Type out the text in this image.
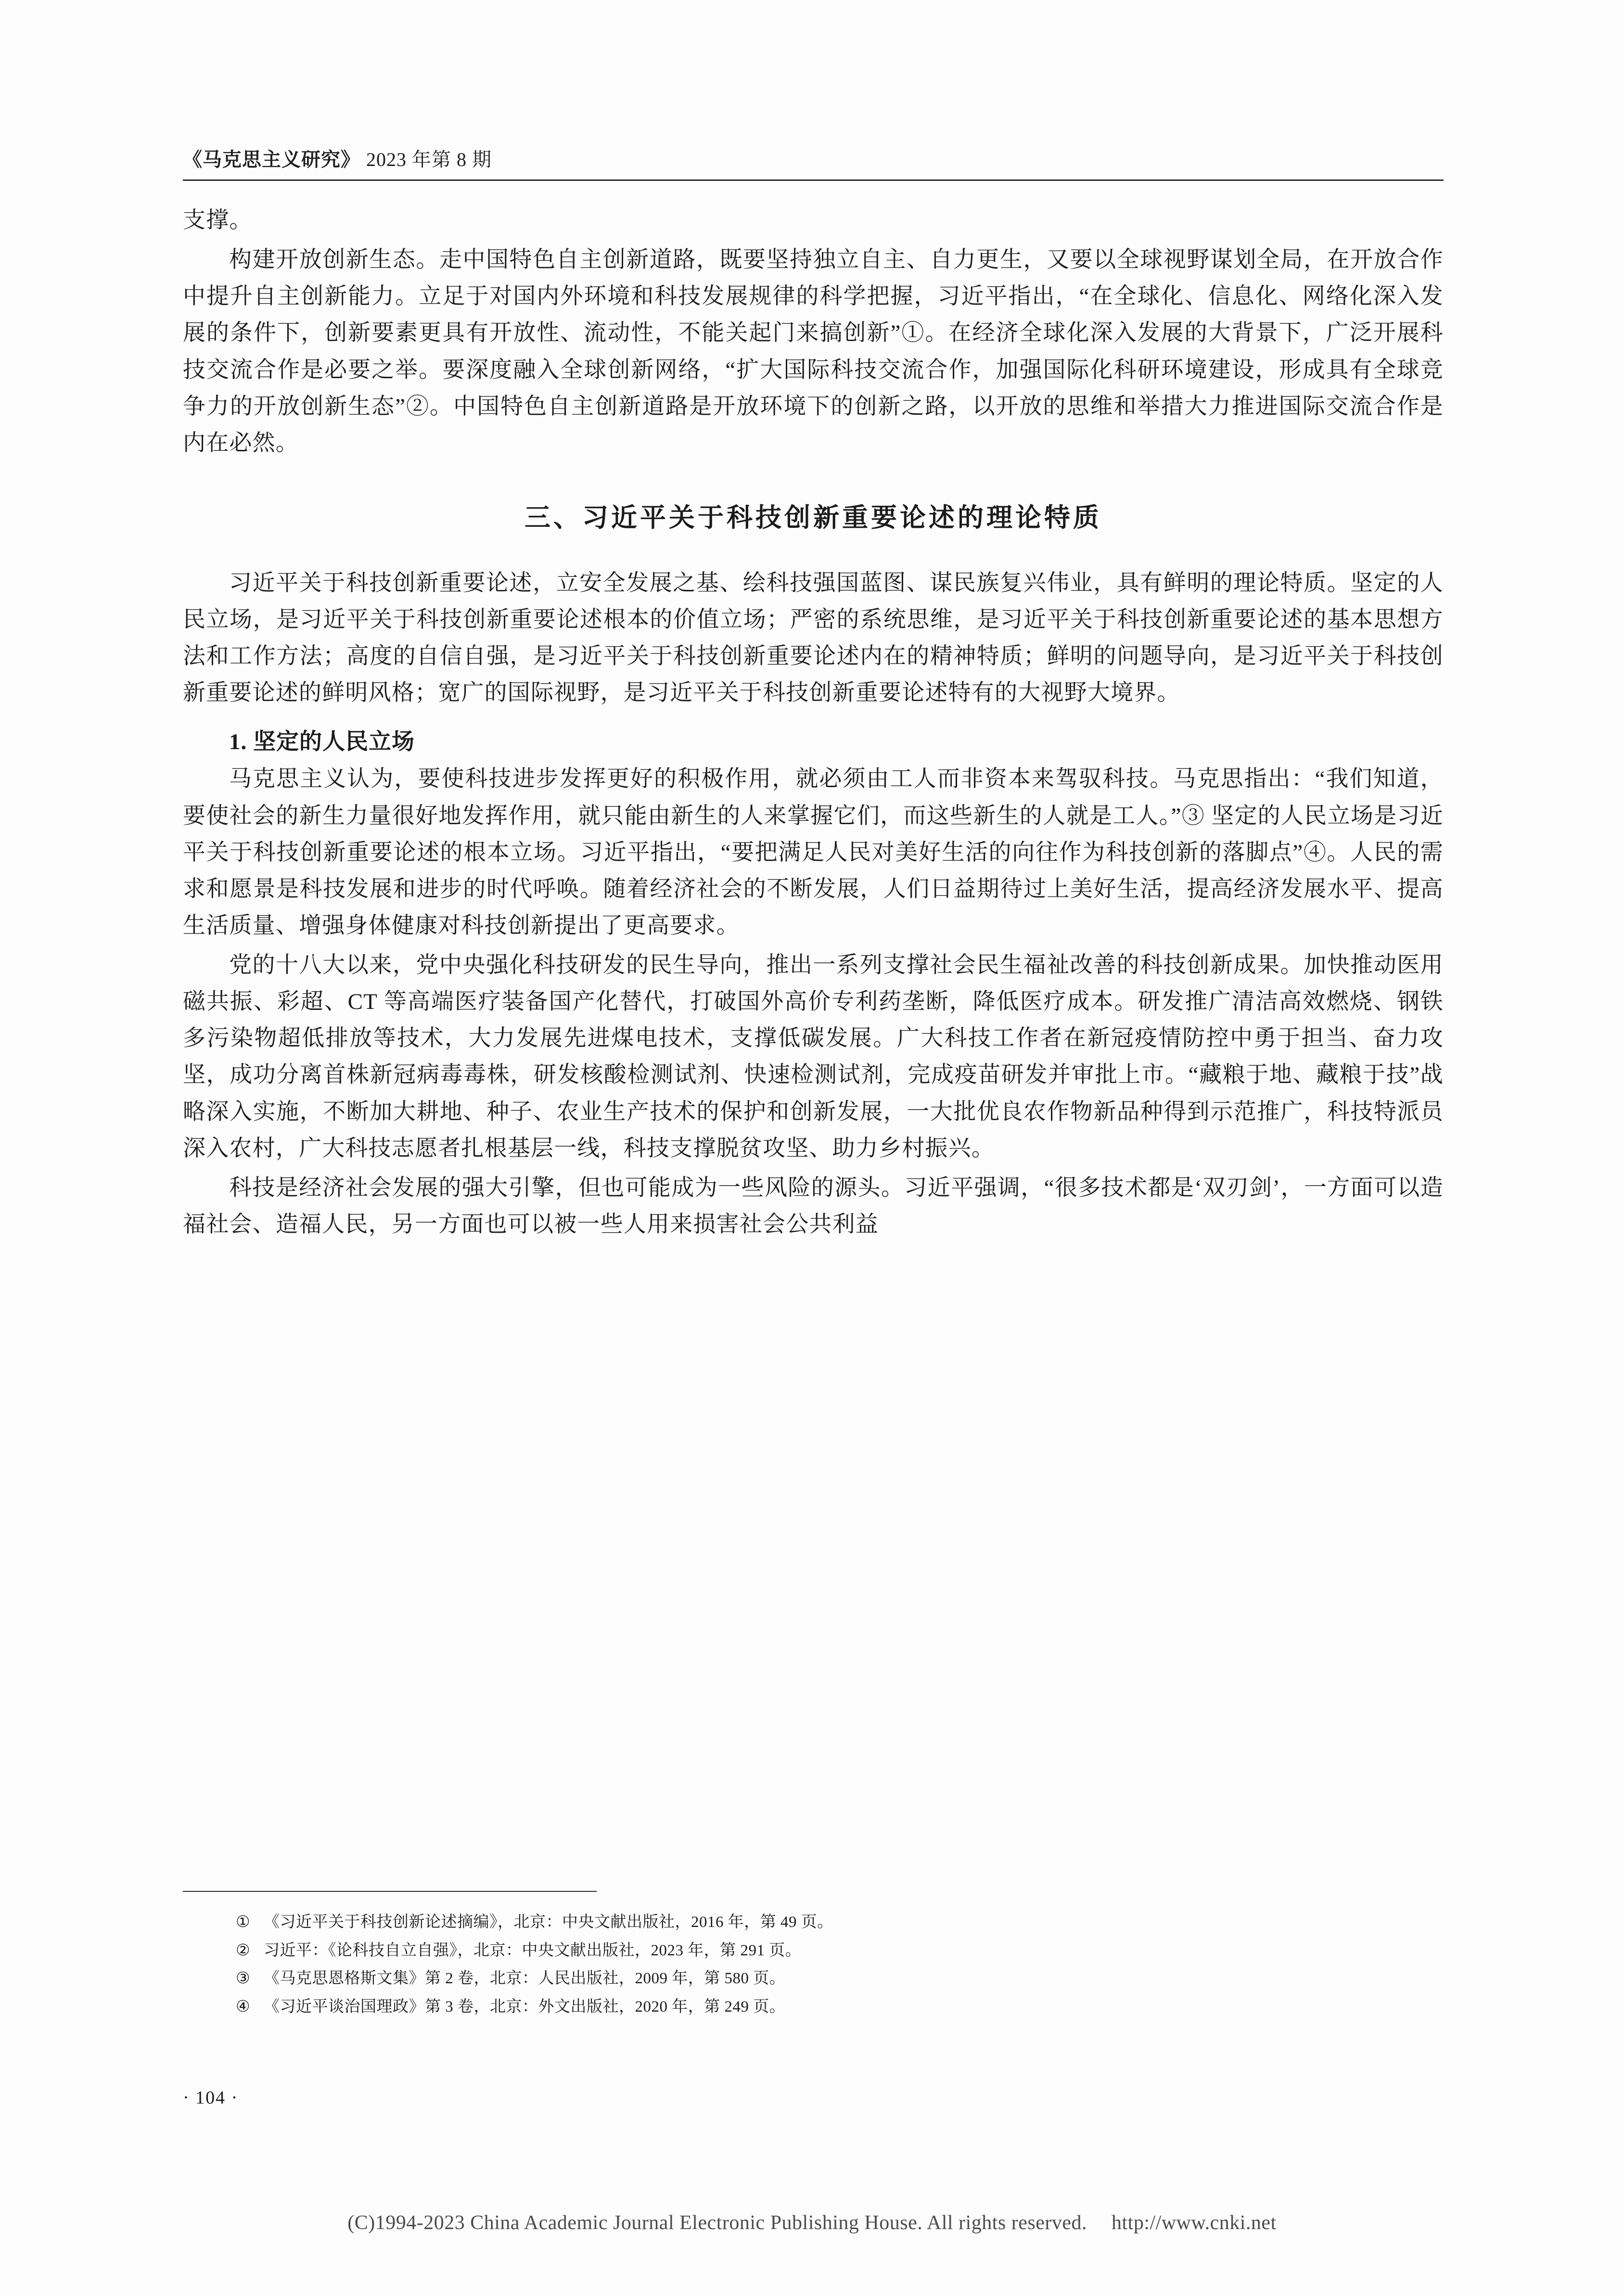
《马克思主义研究》 2023 年第 8 期

支撑。

构建开放创新生态。走中国特色自主创新道路，既要坚持独立自主、自力更生，又要以全球视野谋划全局，在开放合作中提升自主创新能力。立足于对国内外环境和科技发展规律的科学把握，习近平指出，“在全球化、信息化、网络化深入发展的条件下，创新要素更具有开放性、流动性，不能关起门来搞创新”①。在经济全球化深入发展的大背景下，广泛开展科技交流合作是必要之举。要深度融入全球创新网络，“扩大国际科技交流合作，加强国际化科研环境建设，形成具有全球竞争力的开放创新生态”②。中国特色自主创新道路是开放环境下的创新之路，以开放的思维和举措大力推进国际交流合作是内在必然。

三、习近平关于科技创新重要论述的理论特质

习近平关于科技创新重要论述，立安全发展之基、绘科技强国蓝图、谋民族复兴伟业，具有鲜明的理论特质。坚定的人民立场，是习近平关于科技创新重要论述根本的价值立场；严密的系统思维，是习近平关于科技创新重要论述的基本思想方法和工作方法；高度的自信自强，是习近平关于科技创新重要论述内在的精神特质；鲜明的问题导向，是习近平关于科技创新重要论述的鲜明风格；宽广的国际视野，是习近平关于科技创新重要论述特有的大视野大境界。

1. 坚定的人民立场

马克思主义认为，要使科技进步发挥更好的积极作用，就必须由工人而非资本来驾驭科技。马克思指出：“我们知道，要使社会的新生力量很好地发挥作用，就只能由新生的人来掌握它们，而这些新生的人就是工人。”③ 坚定的人民立场是习近平关于科技创新重要论述的根本立场。习近平指出，“要把满足人民对美好生活的向往作为科技创新的落脚点”④。人民的需求和愿景是科技发展和进步的时代呼唤。随着经济社会的不断发展，人们日益期待过上美好生活，提高经济发展水平、提高生活质量、增强身体健康对科技创新提出了更高要求。

党的十八大以来，党中央强化科技研发的民生导向，推出一系列支撑社会民生福祉改善的科技创新成果。加快推动医用磁共振、彩超、CT 等高端医疗装备国产化替代，打破国外高价专利药垄断，降低医疗成本。研发推广清洁高效燃烧、钢铁多污染物超低排放等技术，大力发展先进煤电技术，支撑低碳发展。广大科技工作者在新冠疫情防控中勇于担当、奋力攻坚，成功分离首株新冠病毒毒株，研发核酸检测试剂、快速检测试剂，完成疫苗研发并审批上市。“藏粮于地、藏粮于技”战略深入实施，不断加大耕地、种子、农业生产技术的保护和创新发展，一大批优良农作物新品种得到示范推广，科技特派员深入农村，广大科技志愿者扎根基层一线，科技支撑脱贫攻坚、助力乡村振兴。

科技是经济社会发展的强大引擎，但也可能成为一些风险的源头。习近平强调，“很多技术都是‘双刃剑’，一方面可以造福社会、造福人民，另一方面也可以被一些人用来损害社会公共利益

① 《习近平关于科技创新论述摘编》，北京：中央文献出版社，2016 年，第 49 页。
② 习近平：《论科技自立自强》，北京：中央文献出版社，2023 年，第 291 页。
③ 《马克思恩格斯文集》第 2 卷，北京：人民出版社，2009 年，第 580 页。
④ 《习近平谈治国理政》第 3 卷，北京：外文出版社，2020 年，第 249 页。
· 104 ·
(C)1994-2023 China Academic Journal Electronic Publishing House. All rights reserved. http://www.cnki.net
